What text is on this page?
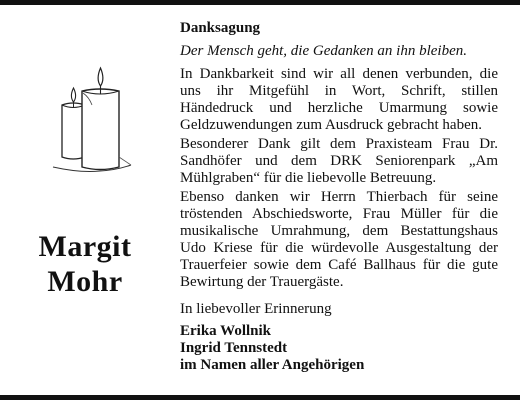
Margit
Mohr
Danksagung
Der Mensch geht, die Gedanken an ihn bleiben.

In Dankbarkeit sind wir all denen verbunden, die uns ihr Mitgefühl in Wort, Schrift, stillen Händedruck und herzliche Umarmung sowie Geldzuwendungen zum Ausdruck gebracht haben.

Besonderer Dank gilt dem Praxisteam Frau Dr. Sandhöfer und dem DRK Seniorenpark „Am Mühlgraben“ für die liebevolle Betreuung.

Ebenso danken wir Herrn Thierbach für seine tröstenden Abschiedsworte, Frau Müller für die musikalische Umrahmung, dem Bestattungshaus Udo Kriese für die würdevolle Ausgestaltung der Trauerfeier sowie dem Café Ballhaus für die gute Bewirtung der Trauergäste.

In liebevoller Erinnerung
Erika Wollnik
Ingrid Tennstedt
im Namen aller Angehörigen
